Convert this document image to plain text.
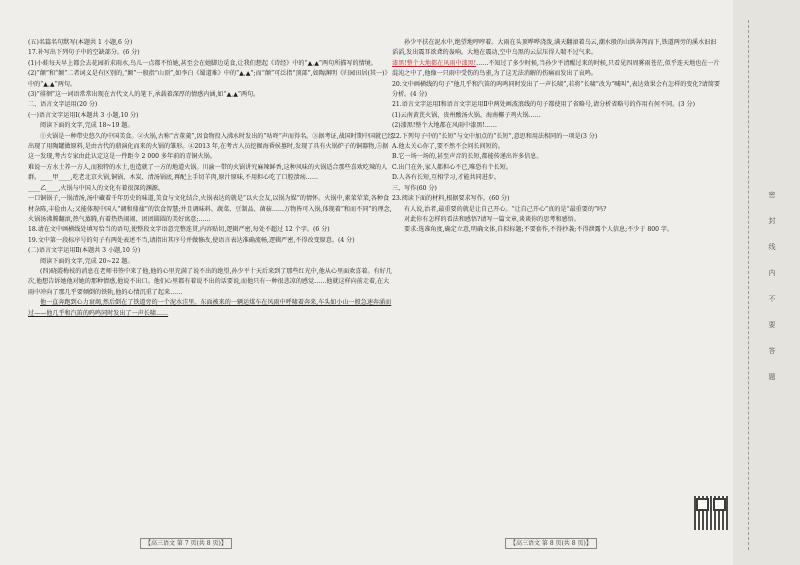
(五)名篇名句默写(本题共 1 小题,6 分)
17.补写出下列句子中的空缺部分。(6 分)
(1)小蛙每天早上都会去花园祈求雨水,鸟儿一点都不怕她,甚至会在她脚边觅食,让我们想起《诗经》中的“▲,▲”两句所描写的情境。
(2)“颠”和“颠”二者词义是有区别的,“颠”一般指“山顶”,如李白《蜀道难》中的“▲,▲”;而“颠”可泛指“顶部”,如陶渊明《归园田居(其一)》中的“▲,▲”两句。
(3)“徘徊”这一词语常常出现在古代文人的笔下,承载着深厚的情感内涵,如“▲,▲”两句。
二、语言文字运用(20 分)
(一)语言文字运用Ⅰ(本题共 3 小题,10 分)
阅读下面的文字,完成 18~19 题。
①火锅是一种带史悠久的中国美食。②火锅,古称“古董羹”,因食物投入沸水时发出的“咕咚”声而得名。③据考证,战国时期中国就已经出现了用陶罐做原料,是由古代的鼎演化而来的火锅的雏形。④2013 年,在考古人员挖掘海昏侯墓时,发现了具有火锅炉子的铜器物,⑤据这一发现,考古专家由此认定这是一件距今 2 000 多年前的青铜火锅。
难说一方水土养一方人,而独特的水土,也造就了一方的地道火锅。川渝一带的火锅讲究麻辣鲜香,这种风味的火锅适合那些喜欢吃辣的人群。____甲____,吃老北京火锅,铜锅、木炭、清汤锅底,再配上手切羊肉,原汁原味,不用担心吃了口腔溃疡……
____乙____,火锅与中国人的文化有着很深的渊源。
一口铜锅子,一锅清汤,汤中藏着千年历史的味道,美食与文化结合,火锅表达的就是“以火会友,以锅为媒”的情怀。火锅中,素菜荤菜,各种食材杂陈,丰俭由人;又能体现中国人“调和鼎鼐”的饮食智慧;并且调味料、蔬菜、豆制品、菌菇……万物皆可入锅,体现着“和而不同”的理念,火锅汤沸腾翻滚,热气蒸腾,有着热热闹闹、团团圆圆的美好寓意;……
18.请在文中画横线处填写恰当的语句,使整段文字语意完整连贯,内容贴切,逻辑严密,每处不超过 12 个字。(6 分)
19.文中第一段标序号的句子有两处表述不当,请指出其序号并做修改,使语言表达准确流畅,逻辑严密,不得改变原意。(4 分)
(二)语言文字运用Ⅱ(本题共 3 小题,10 分)
阅读下面的文字,完成 20~22 题。
(四)晓霞梅枝的消息在老师书签中来了他,他的心里充满了说不出的绝望,孙少平十天后来到了那些红光中,他从心里面欢喜着。有好几次,他想告诉她他对她的那种情感,他说不出口。他们心里都有着说不出的话要说,而他只有一种很悲凉的感觉……他就这样向前走着,在大雨中冲向了那几乎要倾倒的铁轨,他的心情沉重了起来……
他一直奔跑到心力衰竭,然后倒在了铁道旁的一个泥水洼里。东面被来的一辆运煤车在风雨中呼啸着奔来,车头如小山一般急速奔涌而过——他几乎和汽笛的呜鸣同时发出了一声长啸……
孙少平扶在泥水中,绝望地哼哼着。大雨在头顶哗哗浇泼,满天翻滚着乌云,潮水般的山洪奔泻而下,铁道两旁的溪水汩汩滔滔,发出震耳欲聋的轰响。大地在震动,空中乌黑的云层压得人喘不过气来。
漆黑!整个大地都在风雨中漆黑!……不知过了多少时候,当孙少平清醒过来的时候,只看见四周雾雨苍茫,似乎连天地也在一片混沌之中了,他像一只雨中受伤的鸟雀,为了这无法消解的伤痛而发出了哀鸣。
20.文中画横线的句子“他几乎和汽笛的呜鸣同时发出了一声长啸”,若将“长啸”改为“喊叫”,表达效果会有怎样的变化?请简要分析。(4 分)
21.语言文字运用Ⅰ和语言文字运用Ⅱ中两处画波浪线的句子都使用了省略号,请分析省略号的作用有何不同。(3 分)
(1)云南黄芪火锅、贵州酸汤火锅、海南椰子鸡火锅……
(2)漆黑!整个大地都在风雨中漆黑!……
22.下列句子中的“长短”与文中加点的“长短”,意思和用法相同的一项是(3 分)
A.他太关心你了,要不然不会问长问短的。
B.它一场一场的,甚至声音的长短,都能传递出许多信息。
C.出门在外,家人都担心不已,唯恐有个长短。
D.人各有长短,互相学习,才能共同进步。
三、写作(60 分)
23.阅读下面的材料,根据要求写作。(60 分)
有人说,治者,最重要的就是让自己开心。“让自己开心”真的是“最重要的”吗?
对此你有怎样的看法和感悟?请写一篇文章,谈谈你的思考和感悟。
要求:选准角度,确定立意,明确文体,自拟标题;不要套作,不得抄袭;不得泄露个人信息;不少于 800 字。
【高三语文 第 7 页(共 8 页)】	【高三语文 第 8 页(共 8 页)】
密
封
线
内
不
要
答
题
